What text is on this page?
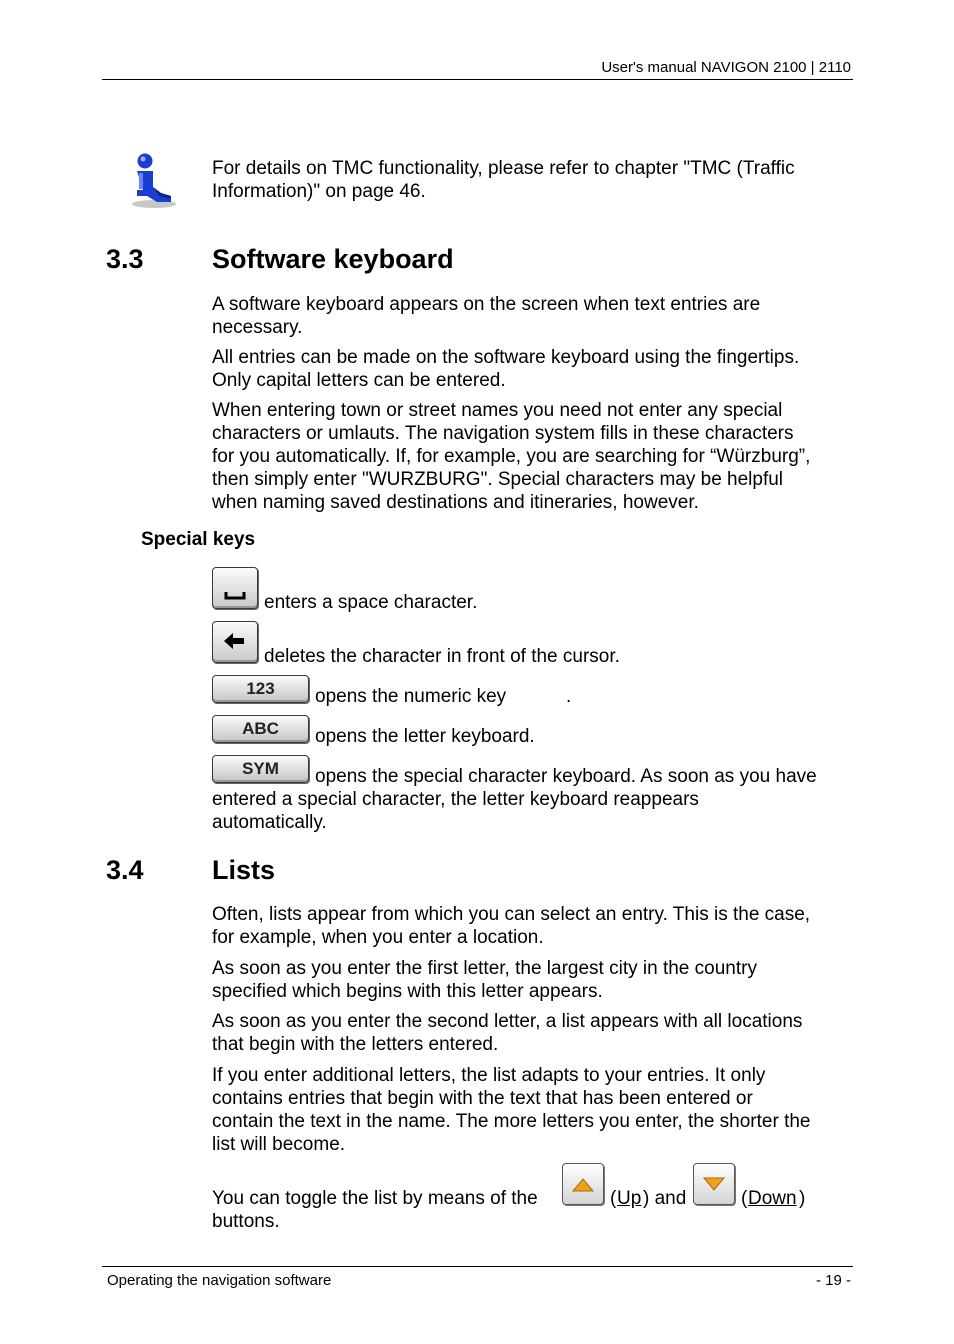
User's manual NAVIGON 2100 | 2110

For details on TMC functionality, please refer to chapter "TMC (Traffic

Information)" on page 46.

3.3	Software keyboard

A software keyboard appears on the screen when text entries are

necessary.

All entries can be made on the software keyboard using the fingertips.

Only capital letters can be entered.

When entering town or street names you need not enter any special

characters or umlauts. The navigation system fills in these characters

for you automatically. If, for example, you are searching for “Würzburg”,

then simply enter "WURZBURG". Special characters may be helpful

when naming saved destinations and itineraries, however.

Special keys

enters a space character.

deletes the character in front of the cursor.

123	opens the numeric key	.

ABC	opens the letter keyboard.

SYM	opens the special character keyboard. As soon as you have

entered a special character, the letter keyboard reappears

automatically.

3.4	Lists

Often, lists appear from which you can select an entry. This is the case,

for example, when you enter a location.

As soon as you enter the first letter, the largest city in the country

specified which begins with this letter appears.

As soon as you enter the second letter, a list appears with all locations

that begin with the letters entered.

If you enter additional letters, the list adapts to your entries. It only

contains entries that begin with the text that has been entered or

contain the text in the name. The more letters you enter, the shorter the

list will become.

You can toggle the list by means of the	( Up ) and	( Down )

buttons.

Operating the navigation software	- 19 -
